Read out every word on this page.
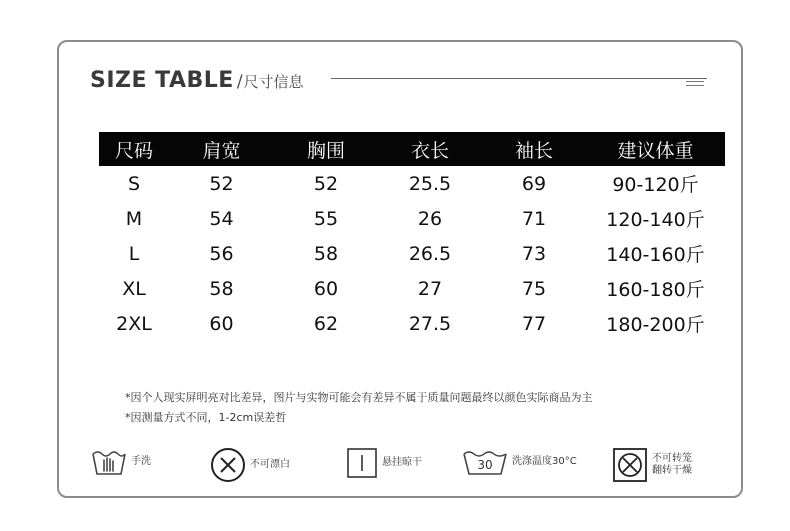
SIZE TABLE / 尺寸信息
尺码	肩宽	胸围	衣长	袖长	建议体重
S	52	52	25.5	69	90-120斤
M	54	55	26	71	120-140斤
L	56	58	26.5	73	140-160斤
XL	58	60	27	75	160-180斤
2XL	60	62	27.5	77	180-200斤
*因个人现实屏明亮对比差异，图片与实物可能会有差异不属于质量问题最终以颜色实际商品为主
*因测量方式不同，1-2cm误差哲
手洗	不可漂白	悬挂晾干	30	洗涤温度30°C	不可转笼
翻转干燥
